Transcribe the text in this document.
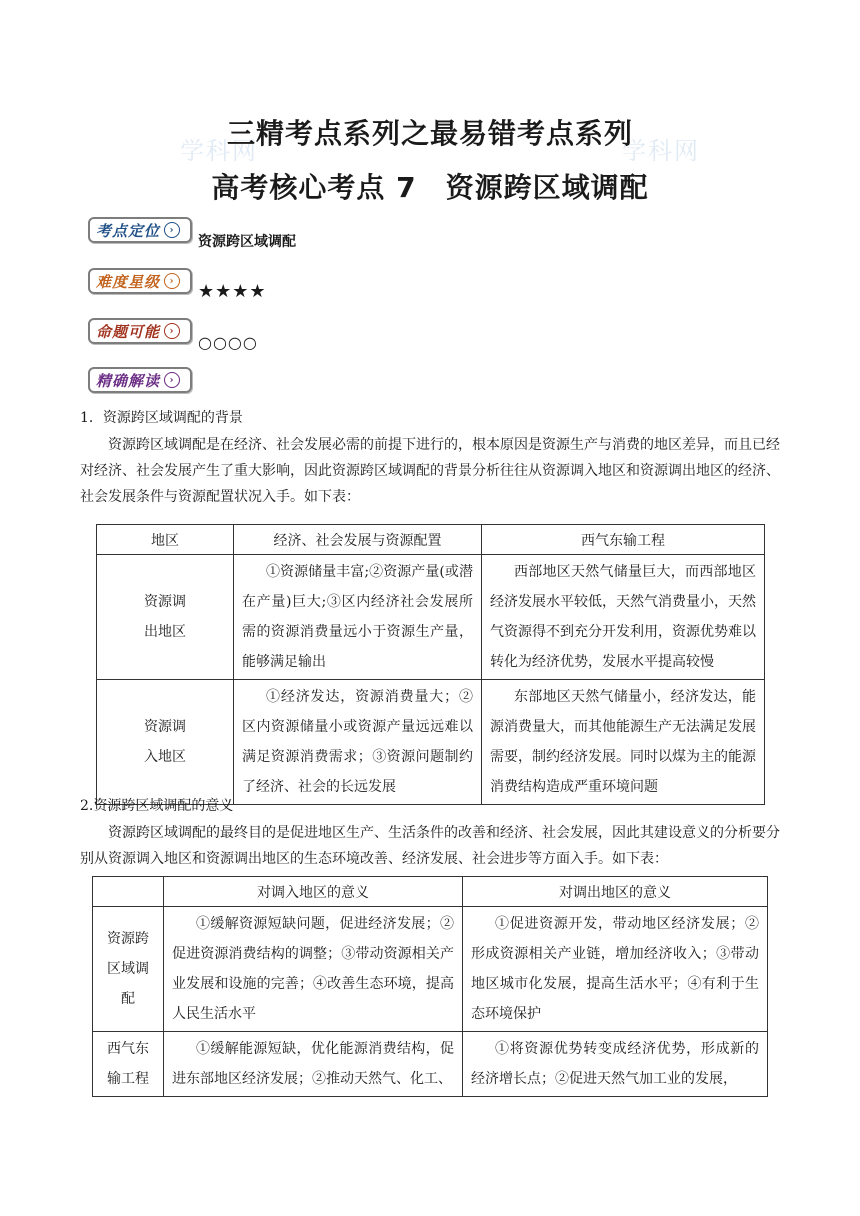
学科网	学科网
三精考点系列之最易错考点系列
高考核心考点 7　资源跨区域调配
考点定位 ›
资源跨区域调配
难度星级 ›	★★★★
命题可能 ›
○○○○
精确解读 ›
1．资源跨区域调配的背景
资源跨区域调配是在经济、社会发展必需的前提下进行的，根本原因是资源生产与消费的地区差异，而且已经对经济、社会发展产生了重大影响，因此资源跨区域调配的背景分析往往从资源调入地区和资源调出地区的经济、社会发展条件与资源配置状况入手。如下表：
地区	经济、社会发展与资源配置	西气东输工程

资源调
出地区	①资源储量丰富;②资源产量(或潜在产量)巨大;③区内经济社会发展所需的资源消费量远小于资源生产量，能够满足输出	西部地区天然气储量巨大，而西部地区经济发展水平较低，天然气消费量小，天然气资源得不到充分开发利用，资源优势难以转化为经济优势，发展水平提高较慢

资源调
入地区	①经济发达，资源消费量大；②区内资源储量小或资源产量远远难以满足资源消费需求；③资源问题制约了经济、社会的长远发展	东部地区天然气储量小，经济发达，能源消费量大，而其他能源生产无法满足发展需要，制约经济发展。同时以煤为主的能源消费结构造成严重环境问题
2.资源跨区域调配的意义
资源跨区域调配的最终目的是促进地区生产、生活条件的改善和经济、社会发展，因此其建设意义的分析要分别从资源调入地区和资源调出地区的生态环境改善、经济发展、社会进步等方面入手。如下表：
	对调入地区的意义	对调出地区的意义

资源跨
区域调
配	①缓解资源短缺问题，促进经济发展；②促进资源消费结构的调整；③带动资源相关产业发展和设施的完善；④改善生态环境，提高人民生活水平	①促进资源开发，带动地区经济发展；②形成资源相关产业链，增加经济收入；③带动地区城市化发展，提高生活水平；④有利于生态环境保护

西气东
输工程	①缓解能源短缺，优化能源消费结构，促进东部地区经济发展；②推动天然气、化工、	①将资源优势转变成经济优势，形成新的经济增长点；②促进天然气加工业的发展，
